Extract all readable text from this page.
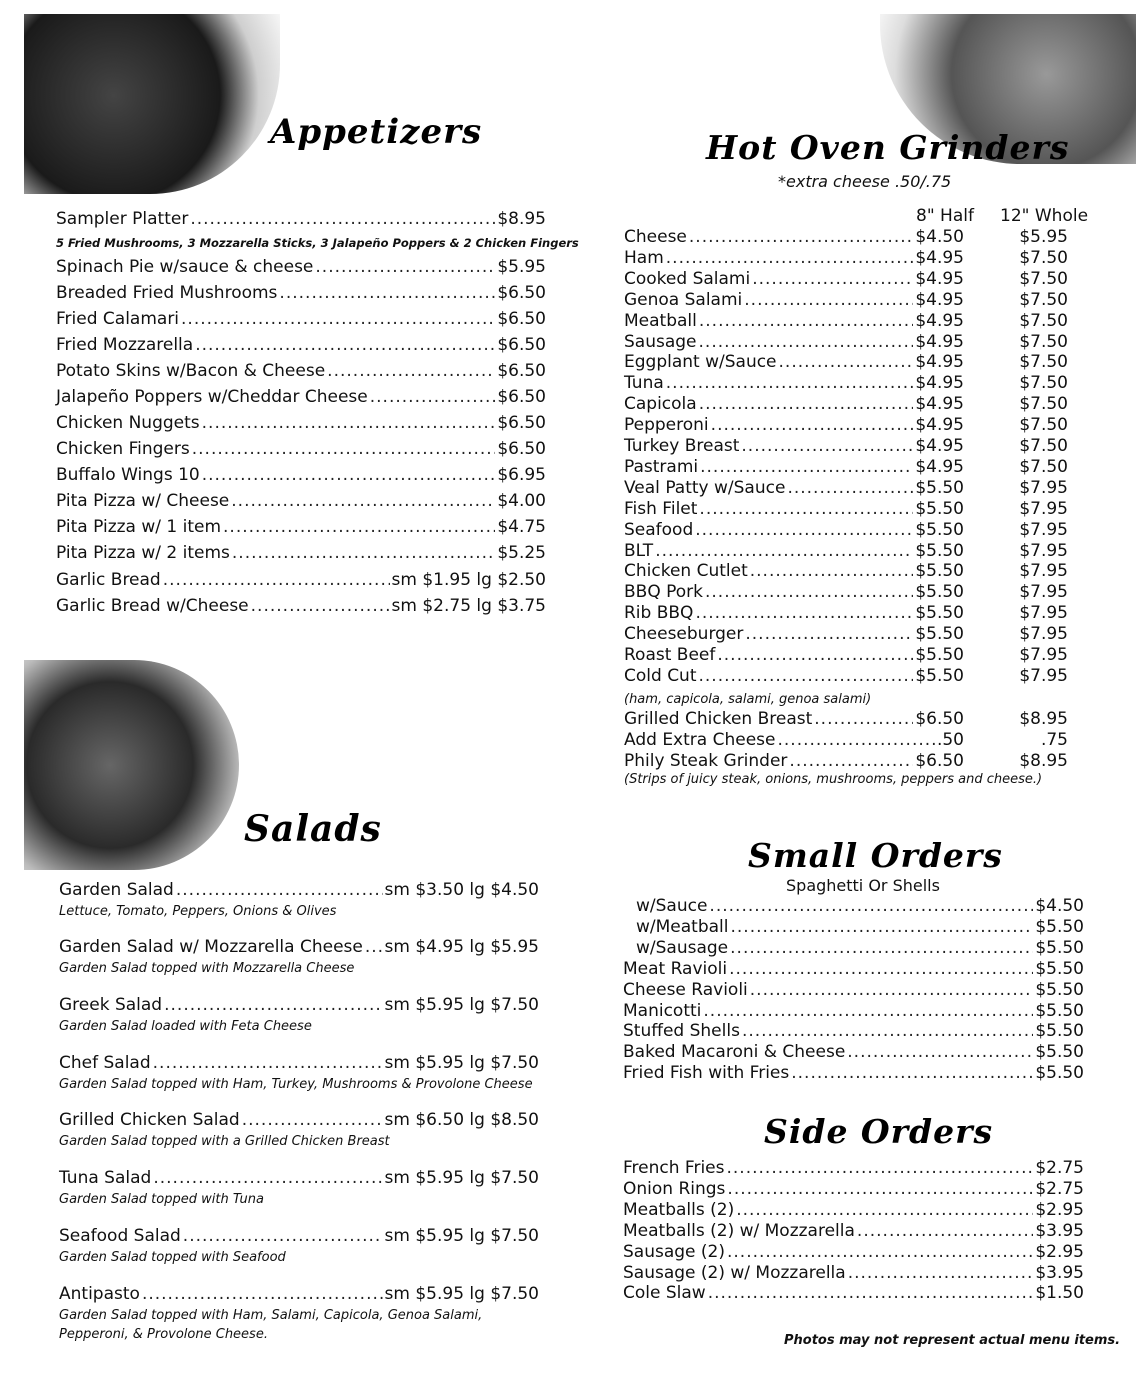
Appetizers	Hot Oven Grinders
*extra cheese .50/.75
Salads
Small Orders
Spaghetti Or Shells
Side Orders
Sampler Platter .....	$8.95
Spinach Pie w/sauce & cheese .....	$5.95
Breaded Fried Mushrooms .....	$6.50
Fried Calamari .....	$6.50
Fried Mozzarella .....	$6.50
Potato Skins w/Bacon & Cheese .....	$6.50
Jalapeño Poppers w/Cheddar Cheese .....	$6.50
Chicken Nuggets .....	$6.50
Chicken Fingers .....	$6.50
Buffalo Wings 10 .....	$6.95
Pita Pizza w/ Cheese .....	$4.00
Pita Pizza w/ 1 item .....	$4.75
Pita Pizza w/ 2 items .....	$5.25
Garlic Bread .....	sm $1.95 lg $2.50
Garlic Bread w/Cheese .....	sm $2.75 lg $3.75
5 Fried Mushrooms, 3 Mozzarella Sticks, 3 Jalapeño Poppers & 2 Chicken Fingers
8" Half 12" Whole
Cheese .....	$4.50	$5.95
Ham .....	$4.95	$7.50
Cooked Salami .....	$4.95	$7.50
Genoa Salami .....	$4.95	$7.50
Meatball .....	$4.95	$7.50
Sausage .....	$4.95	$7.50
Eggplant w/Sauce .....	$4.95	$7.50
Tuna .....	$4.95	$7.50
Capicola .....	$4.95	$7.50
Pepperoni .....	$4.95	$7.50
Turkey Breast .....	$4.95	$7.50
Pastrami .....	$4.95	$7.50
Veal Patty w/Sauce .....	$5.50	$7.95
Fish Filet .....	$5.50	$7.95
Seafood .....	$5.50	$7.95
BLT .....	$5.50	$7.95
Chicken Cutlet .....	$5.50	$7.95
BBQ Pork .....	$5.50	$7.95
Rib BBQ .....	$5.50	$7.95
Cheeseburger .....	$5.50	$7.95
Roast Beef .....	$5.50	$7.95
Cold Cut .....	$5.50	$7.95
Grilled Chicken Breast .....	$6.50	$8.95
Add Extra Cheese .....	.50	.75
Phily Steak Grinder .....	$6.50	$8.95
(ham, capicola, salami, genoa salami)
(Strips of juicy steak, onions, mushrooms, peppers and cheese.)
Garden Salad .....	sm $3.50 lg $4.50
Lettuce, Tomato, Peppers, Onions & Olives
Garden Salad w/ Mozzarella Cheese ..... sm $4.95 lg $5.95
Garden Salad topped with Mozzarella Cheese
Greek Salad .....	sm $5.95 lg $7.50
Garden Salad loaded with Feta Cheese
Chef Salad .....	sm $5.95 lg $7.50
Garden Salad topped with Ham, Turkey, Mushrooms & Provolone Cheese
Grilled Chicken Salad .....	sm $6.50 lg $8.50
Garden Salad topped with a Grilled Chicken Breast
Tuna Salad .....	sm $5.95 lg $7.50
Garden Salad topped with Tuna
Seafood Salad .....	sm $5.95 lg $7.50
Garden Salad topped with Seafood
Antipasto .....	sm $5.95 lg $7.50
Garden Salad topped with Ham, Salami, Capicola, Genoa Salami,
Pepperoni, & Provolone Cheese.
w/Sauce .....	$4.50
w/Meatball .....	$5.50
w/Sausage .....	$5.50
Meat Ravioli .....	$5.50
Cheese Ravioli .....	$5.50
Manicotti .....	$5.50
Stuffed Shells .....	$5.50
Baked Macaroni & Cheese .....	$5.50
Fried Fish with Fries .....	$5.50
French Fries .....	$2.75
Onion Rings .....	$2.75
Meatballs (2) .....	$2.95
Meatballs (2) w/ Mozzarella .....	$3.95
Sausage (2) .....	$2.95
Sausage (2) w/ Mozzarella .....	$3.95
Cole Slaw .....	$1.50
Photos may not represent actual menu items.
